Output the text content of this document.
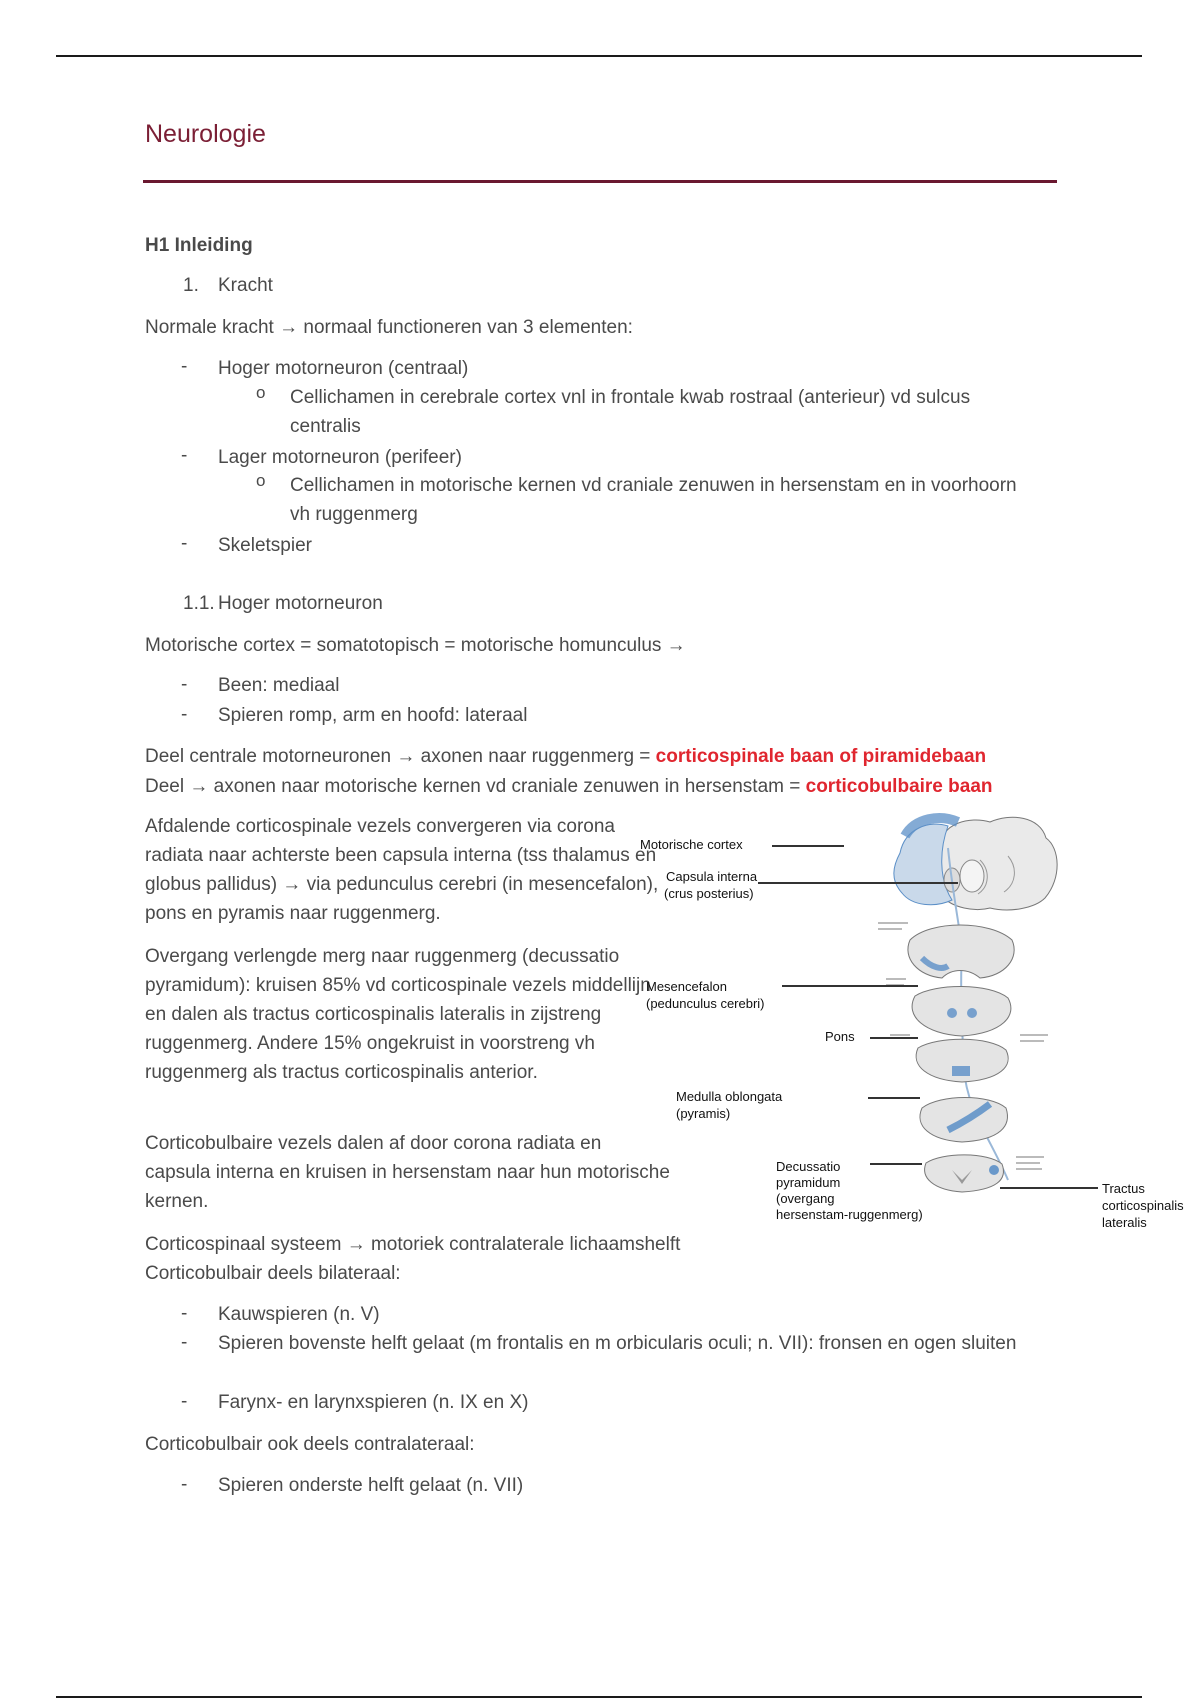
Neurologie
H1 Inleiding
1. Kracht
Normale kracht → normaal functioneren van 3 elementen:
- Hoger motorneuron (centraal)
o Cellichamen in cerebrale cortex vnl in frontale kwab rostraal (anterieur) vd sulcus centralis
- Lager motorneuron (perifeer)
o Cellichamen in motorische kernen vd craniale zenuwen in hersenstam en in voorhoorn vh ruggenmerg
- Skeletspier
1.1. Hoger motorneuron
Motorische cortex = somatotopisch = motorische homunculus →
- Been: mediaal
- Spieren romp, arm en hoofd: lateraal
Deel centrale motorneuronen → axonen naar ruggenmerg = corticospinale baan of piramidebaan
Deel → axonen naar motorische kernen vd craniale zenuwen in hersenstam = corticobulbaire baan
Afdalende corticospinale vezels convergeren via corona radiata naar achterste been capsula interna (tss thalamus en globus pallidus) → via pedunculus cerebri (in mesencefalon), pons en pyramis naar ruggenmerg.
Overgang verlengde merg naar ruggenmerg (decussatio pyramidum): kruisen 85% vd corticospinale vezels middellijn en dalen als tractus corticospinalis lateralis in zijstreng ruggenmerg. Andere 15% ongekruist in voorstreng vh ruggenmerg als tractus corticospinalis anterior.
Corticobulbaire vezels dalen af door corona radiata en capsula interna en kruisen in hersenstam naar hun motorische kernen.
Corticospinaal systeem → motoriek contralaterale lichaamshelft
Corticobulbair deels bilateraal:
- Kauwspieren (n. V)
- Spieren bovenste helft gelaat (m frontalis en m orbicularis oculi; n. VII): fronsen en ogen sluiten
- Farynx- en larynxspieren (n. IX en X)
Corticobulbair ook deels contralateraal:
- Spieren onderste helft gelaat (n. VII)
Motorische cortex
Capsula interna
(crus posterius)
Mesencefalon
(pedunculus cerebri)
Pons
Medulla oblongata
(pyramis)
Decussatio
pyramidum
(overgang
hersenstam-ruggenmerg)
Tractus
corticospinalis
lateralis
